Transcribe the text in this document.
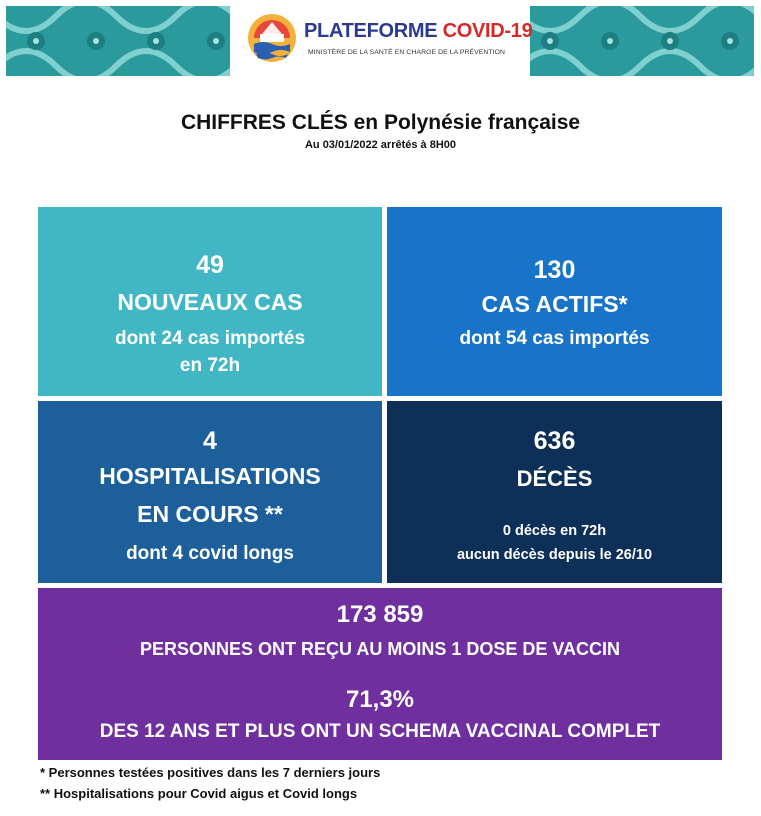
PLATEFORME COVID-19
MINISTÈRE DE LA SANTÉ EN CHARGE DE LA PRÉVENTION
CHIFFRES CLÉS en Polynésie française
Au 03/01/2022 arrêtés à 8H00
49
NOUVEAUX CAS
dont 24 cas importés
en 72h
130
CAS ACTIFS*
dont 54 cas importés
4
HOSPITALISATIONS
EN COURS **
dont 4 covid longs
636
DÉCÈS
0 décès en 72h
aucun décès depuis le 26/10
173 859
PERSONNES ONT REÇU AU MOINS 1 DOSE DE VACCIN
71,3%
DES 12 ANS ET PLUS ONT UN SCHEMA VACCINAL COMPLET
* Personnes testées positives dans les 7 derniers jours
** Hospitalisations pour Covid aigus et Covid longs
